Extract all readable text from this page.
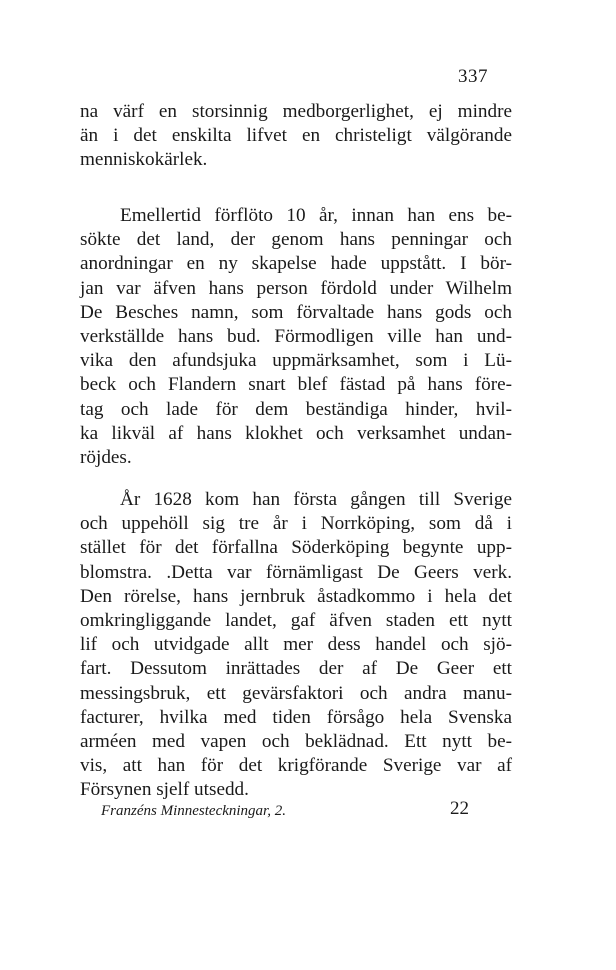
337
na värf en storsinnig medborgerlighet, ej mindre
än i det enskilta lifvet en christeligt välgörande
menniskokärlek.
Emellertid förflöto 10 år, innan han ens be-
sökte det land, der genom hans penningar och
anordningar en ny skapelse hade uppstått. I bör-
jan var äfven hans person fördold under Wilhelm
De Besches namn, som förvaltade hans gods och
verkställde hans bud. Förmodligen ville han und-
vika den afundsjuka uppmärksamhet, som i Lü-
beck och Flandern snart blef fästad på hans före-
tag och lade för dem beständiga hinder, hvil-
ka likväl af hans klokhet och verksamhet undan-
röjdes.
År 1628 kom han första gången till Sverige
och uppehöll sig tre år i Norrköping, som då i
stället för det förfallna Söderköping begynte upp-
blomstra. .Detta var förnämligast De Geers verk.
Den rörelse, hans jernbruk åstadkommo i hela det
omkringliggande landet, gaf äfven staden ett nytt
lif och utvidgade allt mer dess handel och sjö-
fart. Dessutom inrättades der af De Geer ett
messingsbruk, ett gevärsfaktori och andra manu-
facturer, hvilka med tiden försågo hela Svenska
arméen med vapen och beklädnad. Ett nytt be-
vis, att han för det krigförande Sverige var af
Försynen sjelf utsedd.
Franzéns Minnesteckningar, 2.	22
